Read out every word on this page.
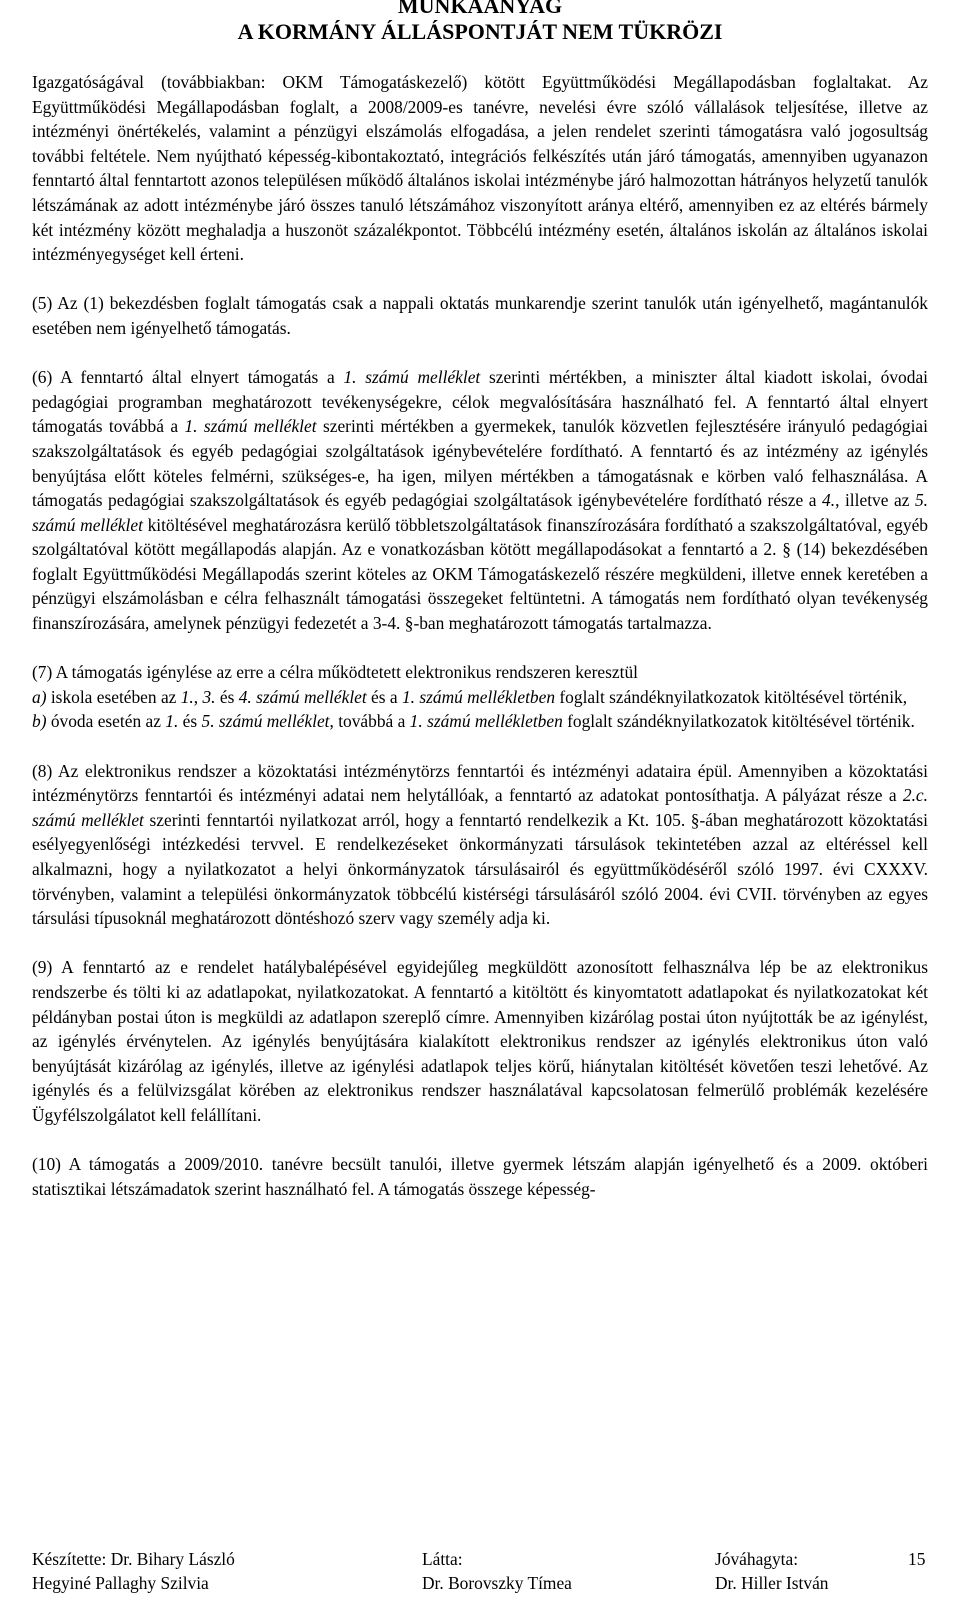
MUNKAANYAG
A KORMÁNY ÁLLÁSPONTJÁT NEM TÜKRÖZI

Igazgatóságával (továbbiakban: OKM Támogatáskezelő) kötött Együttműködési Megállapodásban foglaltakat. Az Együttműködési Megállapodásban foglalt, a 2008/2009-es tanévre, nevelési évre szóló vállalások teljesítése, illetve az intézményi önértékelés, valamint a pénzügyi elszámolás elfogadása, a jelen rendelet szerinti támogatásra való jogosultság további feltétele. Nem nyújtható képesség-kibontakoztató, integrációs felkészítés után járó támogatás, amennyiben ugyanazon fenntartó által fenntartott azonos településen működő általános iskolai intézménybe járó halmozottan hátrányos helyzetű tanulók létszámának az adott intézménybe járó összes tanuló létszámához viszonyított aránya eltérő, amennyiben ez az eltérés bármely két intézmény között meghaladja a huszonöt százalékpontot. Többcélú intézmény esetén, általános iskolán az általános iskolai intézményegységet kell érteni.

(5) Az (1) bekezdésben foglalt támogatás csak a nappali oktatás munkarendje szerint tanulók után igényelhető, magántanulók esetében nem igényelhető támogatás.

(6) A fenntartó által elnyert támogatás a 1. számú melléklet szerinti mértékben, a miniszter által kiadott iskolai, óvodai pedagógiai programban meghatározott tevékenységekre, célok megvalósítására használható fel. A fenntartó által elnyert támogatás továbbá a 1. számú melléklet szerinti mértékben a gyermekek, tanulók közvetlen fejlesztésére irányuló pedagógiai szakszolgáltatások és egyéb pedagógiai szolgáltatások igénybevételére fordítható. A fenntartó és az intézmény az igénylés benyújtása előtt köteles felmérni, szükséges-e, ha igen, milyen mértékben a támogatásnak e körben való felhasználása. A támogatás pedagógiai szakszolgáltatások és egyéb pedagógiai szolgáltatások igénybevételére fordítható része a 4., illetve az 5. számú melléklet kitöltésével meghatározásra kerülő többletszolgáltatások finanszírozására fordítható a szakszolgáltatóval, egyéb szolgáltatóval kötött megállapodás alapján. Az e vonatkozásban kötött megállapodásokat a fenntartó a 2. § (14) bekezdésében foglalt Együttműködési Megállapodás szerint köteles az OKM Támogatáskezelő részére megküldeni, illetve ennek keretében a pénzügyi elszámolásban e célra felhasznált támogatási összegeket feltüntetni. A támogatás nem fordítható olyan tevékenység finanszírozására, amelynek pénzügyi fedezetét a 3-4. §-ban meghatározott támogatás tartalmazza.

(7) A támogatás igénylése az erre a célra működtetett elektronikus rendszeren keresztül

a) iskola esetében az 1., 3. és 4. számú melléklet és a 1. számú mellékletben foglalt szándéknyilatkozatok kitöltésével történik,

b) óvoda esetén az 1. és 5. számú melléklet, továbbá a 1. számú mellékletben foglalt szándéknyilatkozatok kitöltésével történik.

(8) Az elektronikus rendszer a közoktatási intézménytörzs fenntartói és intézményi adataira épül. Amennyiben a közoktatási intézménytörzs fenntartói és intézményi adatai nem helytállóak, a fenntartó az adatokat pontosíthatja. A pályázat része a 2.c. számú melléklet szerinti fenntartói nyilatkozat arról, hogy a fenntartó rendelkezik a Kt. 105. §-ában meghatározott közoktatási esélyegyenlőségi intézkedési tervvel. E rendelkezéseket önkormányzati társulások tekintetében azzal az eltéréssel kell alkalmazni, hogy a nyilatkozatot a helyi önkormányzatok társulásairól és együttműködéséről szóló 1997. évi CXXXV. törvényben, valamint a települési önkormányzatok többcélú kistérségi társulásáról szóló 2004. évi CVII. törvényben az egyes társulási típusoknál meghatározott döntéshozó szerv vagy személy adja ki.

(9) A fenntartó az e rendelet hatálybalépésével egyidejűleg megküldött azonosított felhasználva lép be az elektronikus rendszerbe és tölti ki az adatlapokat, nyilatkozatokat. A fenntartó a kitöltött és kinyomtatott adatlapokat és nyilatkozatokat két példányban postai úton is megküldi az adatlapon szereplő címre. Amennyiben kizárólag postai úton nyújtották be az igénylést, az igénylés érvénytelen. Az igénylés benyújtására kialakított elektronikus rendszer az igénylés elektronikus úton való benyújtását kizárólag az igénylés, illetve az igénylési adatlapok teljes körű, hiánytalan kitöltését követően teszi lehetővé. Az igénylés és a felülvizsgálat körében az elektronikus rendszer használatával kapcsolatosan felmerülő problémák kezelésére Ügyfélszolgálatot kell felállítani.

(10) A támogatás a 2009/2010. tanévre becsült tanulói, illetve gyermek létszám alapján igényelhető és a 2009. októberi statisztikai létszámadatok szerint használható fel. A támogatás összege képesség-

Készítette: Dr. Bihary László
Hegyiné Pallaghy Szilvia
Látta:
Dr. Borovszky Tímea
Jóváhagyta:
Dr. Hiller István
15
